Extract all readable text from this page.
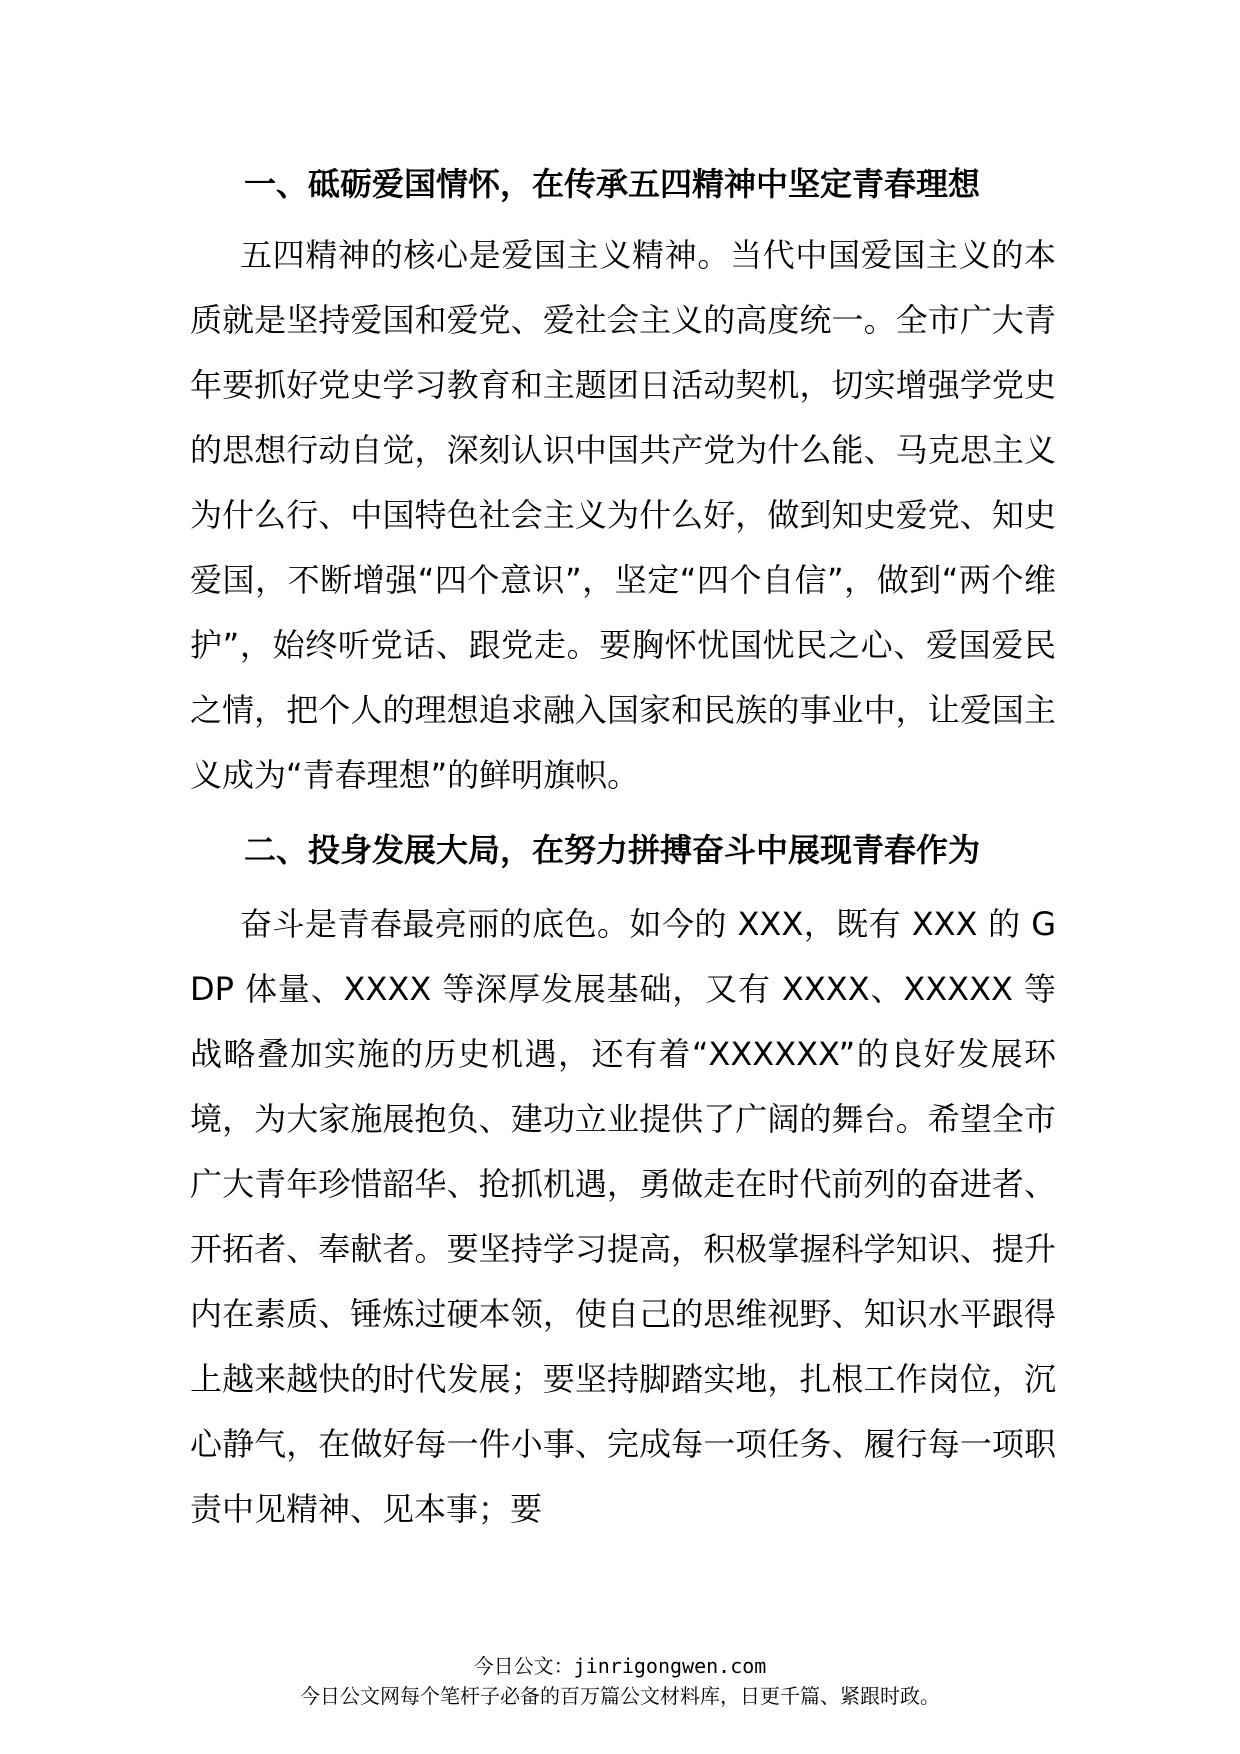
一、砥砺爱国情怀，在传承五四精神中坚定青春理想

五四精神的核心是爱国主义精神。当代中国爱国主义的本质就是坚持爱国和爱党、爱社会主义的高度统一。全市广大青年要抓好党史学习教育和主题团日活动契机，切实增强学党史的思想行动自觉，深刻认识中国共产党为什么能、马克思主义为什么行、中国特色社会主义为什么好，做到知史爱党、知史爱国，不断增强“四个意识”，坚定“四个自信”，做到“两个维护”，始终听党话、跟党走。要胸怀忧国忧民之心、爱国爱民之情，把个人的理想追求融入国家和民族的事业中，让爱国主义成为“青春理想”的鲜明旗帜。

二、投身发展大局，在努力拼搏奋斗中展现青春作为

奋斗是青春最亮丽的底色。如今的 XXX，既有 XXX 的 GDP 体量、XXXX 等深厚发展基础，又有 XXXX、XXXXX 等战略叠加实施的历史机遇，还有着“XXXXXX”的良好发展环境，为大家施展抱负、建功立业提供了广阔的舞台。希望全市广大青年珍惜韶华、抢抓机遇，勇做走在时代前列的奋进者、开拓者、奉献者。要坚持学习提高，积极掌握科学知识、提升内在素质、锤炼过硬本领，使自己的思维视野、知识水平跟得上越来越快的时代发展；要坚持脚踏实地，扎根工作岗位，沉心静气，在做好每一件小事、完成每一项任务、履行每一项职责中见精神、见本事；要

今日公文：jinrigongwen.com
今日公文网每个笔杆子必备的百万篇公文材料库，日更千篇、紧跟时政。
